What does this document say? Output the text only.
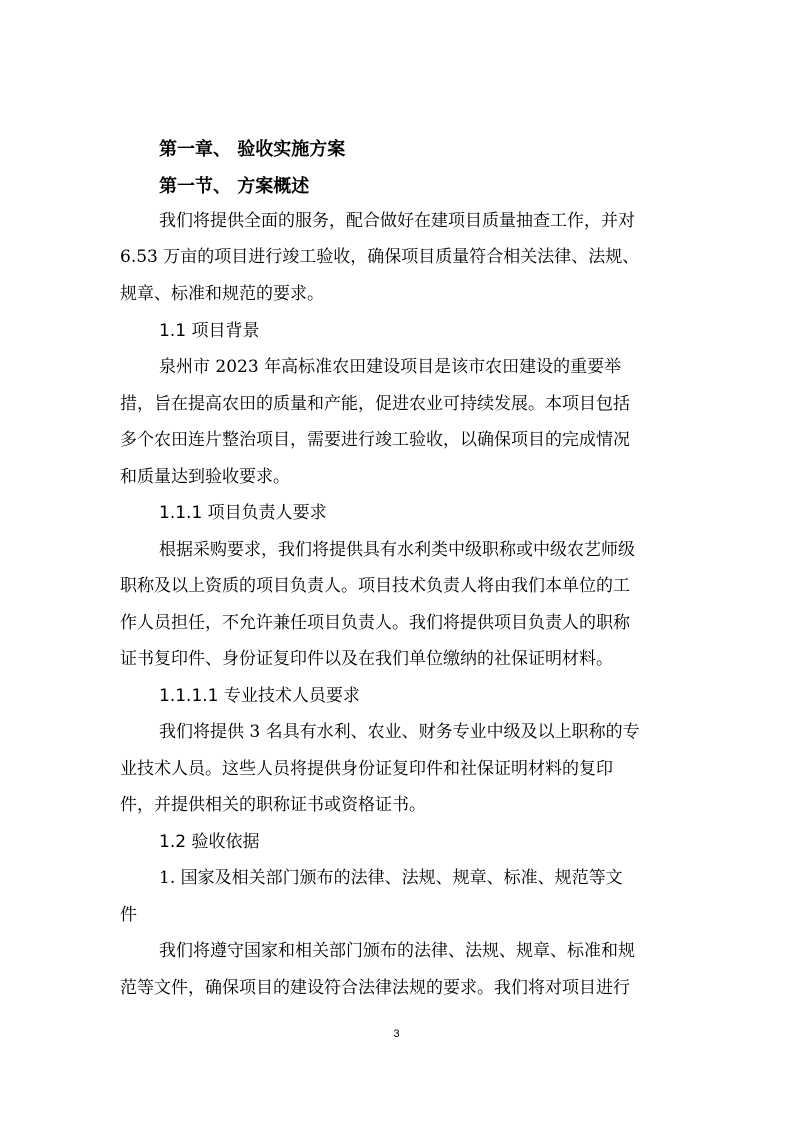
第一章、 验收实施方案
第一节、 方案概述
我们将提供全面的服务，配合做好在建项目质量抽查工作，并对
6.53 万亩的项目进行竣工验收，确保项目质量符合相关法律、法规、
规章、标准和规范的要求。
1.1 项目背景
泉州市 2023 年高标准农田建设项目是该市农田建设的重要举
措，旨在提高农田的质量和产能，促进农业可持续发展。本项目包括
多个农田连片整治项目，需要进行竣工验收，以确保项目的完成情况
和质量达到验收要求。
1.1.1 项目负责人要求
根据采购要求，我们将提供具有水利类中级职称或中级农艺师级
职称及以上资质的项目负责人。项目技术负责人将由我们本单位的工
作人员担任，不允许兼任项目负责人。我们将提供项目负责人的职称
证书复印件、身份证复印件以及在我们单位缴纳的社保证明材料。
1.1.1.1 专业技术人员要求
我们将提供 3 名具有水利、农业、财务专业中级及以上职称的专
业技术人员。这些人员将提供身份证复印件和社保证明材料的复印
件，并提供相关的职称证书或资格证书。
1.2 验收依据
1. 国家及相关部门颁布的法律、法规、规章、标准、规范等文
件
我们将遵守国家和相关部门颁布的法律、法规、规章、标准和规
范等文件，确保项目的建设符合法律法规的要求。我们将对项目进行
3
